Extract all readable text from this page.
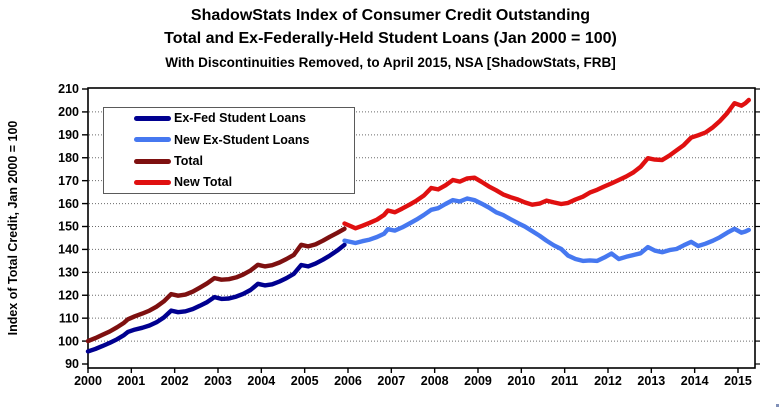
ShadowStats Index of Consumer Credit Outstanding
Total and Ex-Federally-Held Student Loans (Jan 2000 = 100)
With Discontinuities Removed, to April 2015, NSA [ShadowStats, FRB]
90
100
110
120
130
140
150
160
170
180
190
200
210
2000 2001 2002 2003 2004 2005 2006 2007 2008 2009 2010 2011 2012 2013 2014 2015
Index of Total Credit, Jan 2000 = 100
Ex-Fed Student Loans
New Ex-Student Loans
Total
New Total
